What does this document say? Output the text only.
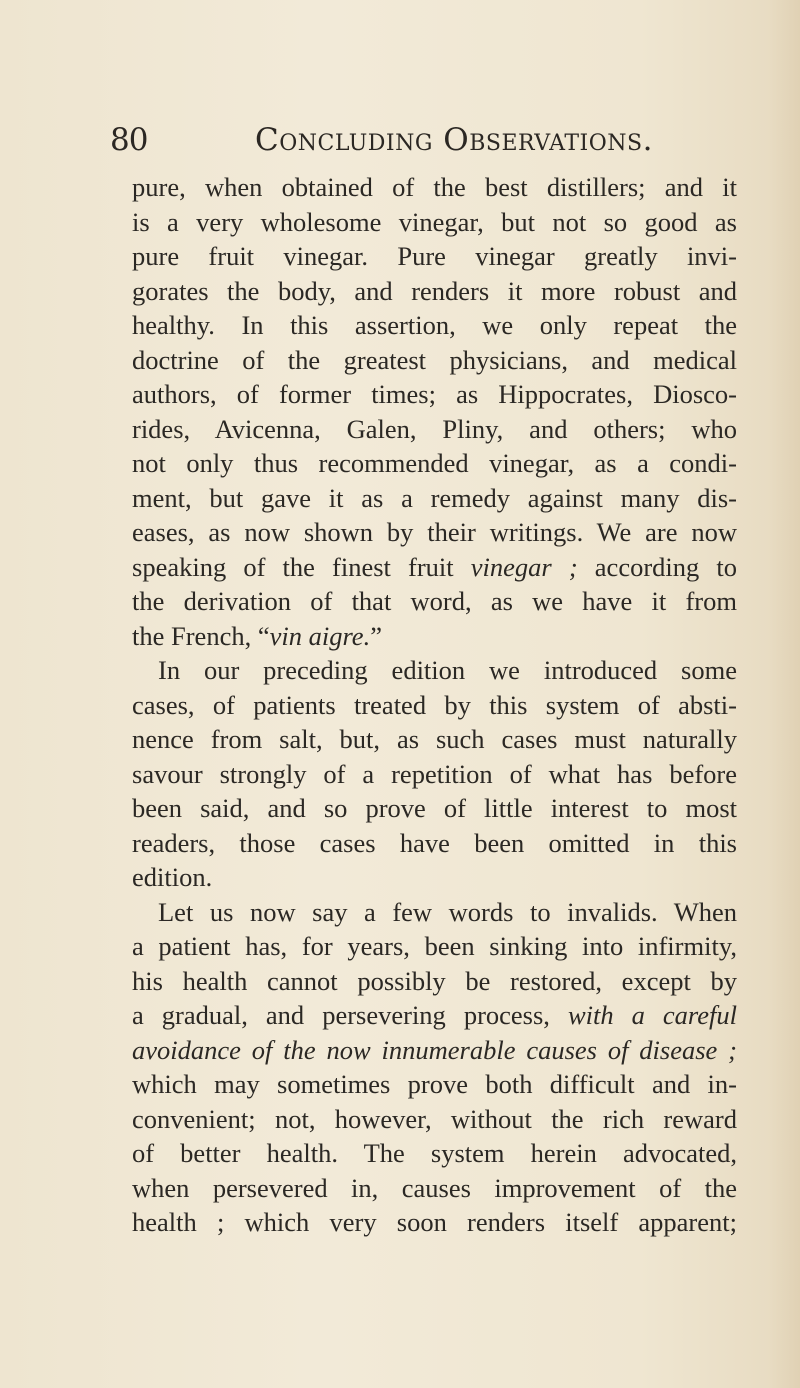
80	Concluding Observations.
pure, when obtained of the best distillers; and it
is a very wholesome vinegar, but not so good as
pure fruit vinegar. Pure vinegar greatly invi-
gorates the body, and renders it more robust and
healthy. In this assertion, we only repeat the
doctrine of the greatest physicians, and medical
authors, of former times; as Hippocrates, Diosco-
rides, Avicenna, Galen, Pliny, and others; who
not only thus recommended vinegar, as a condi-
ment, but gave it as a remedy against many dis-
eases, as now shown by their writings. We are now
speaking of the finest fruit vinegar ; according to
the derivation of that word, as we have it from
the French, “vin aigre.”
In our preceding edition we introduced some
cases, of patients treated by this system of absti-
nence from salt, but, as such cases must naturally
savour strongly of a repetition of what has before
been said, and so prove of little interest to most
readers, those cases have been omitted in this
edition.
Let us now say a few words to invalids. When
a patient has, for years, been sinking into infirmity,
his health cannot possibly be restored, except by
a gradual, and persevering process, with a careful
avoidance of the now innumerable causes of disease ;
which may sometimes prove both difficult and in-
convenient; not, however, without the rich reward
of better health. The system herein advocated,
when persevered in, causes improvement of the
health ; which very soon renders itself apparent;
